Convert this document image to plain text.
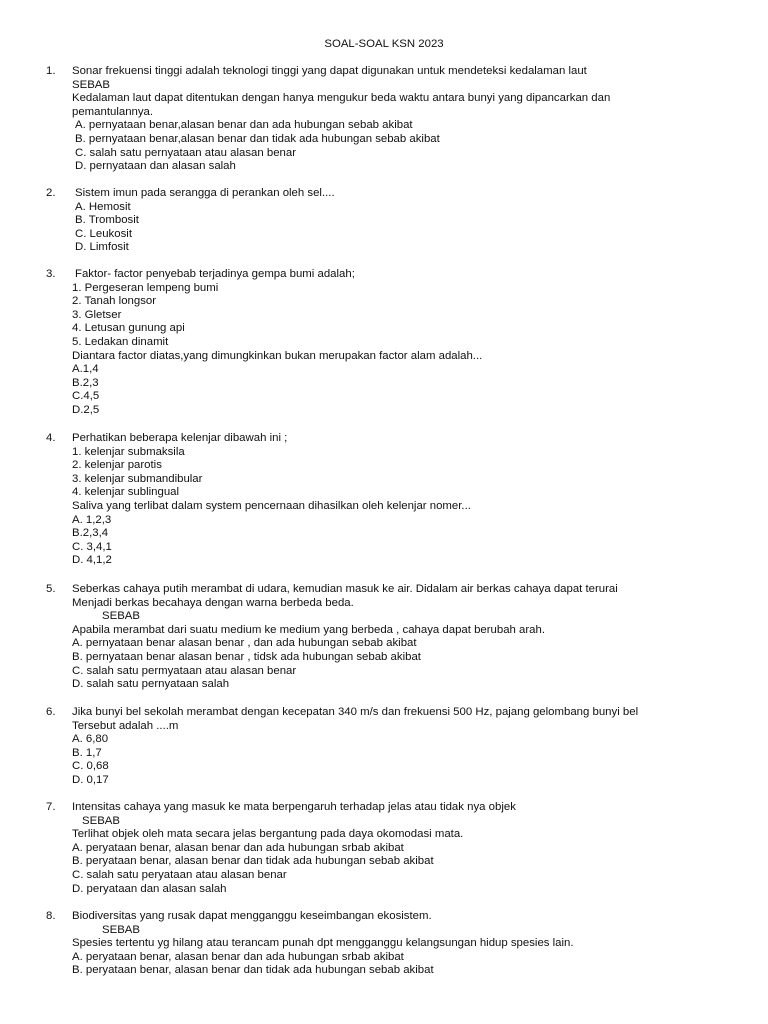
SOAL-SOAL KSN 2023
1. Sonar frekuensi tinggi adalah teknologi tinggi yang dapat digunakan untuk mendeteksi kedalaman laut
SEBAB
Kedalaman laut dapat ditentukan dengan hanya mengukur beda waktu antara bunyi yang dipancarkan dan
pemantulannya.
A. pernyataan benar,alasan benar dan ada hubungan sebab akibat
B. pernyataan benar,alasan benar dan tidak ada hubungan sebab akibat
C. salah satu pernyataan atau alasan benar
D. pernyataan dan alasan salah
2. Sistem imun pada serangga di perankan oleh sel....
A. Hemosit
B. Trombosit
C. Leukosit
D. Limfosit
3. Faktor- factor penyebab terjadinya gempa bumi adalah;
1. Pergeseran lempeng bumi
2. Tanah longsor
3. Gletser
4. Letusan gunung api
5. Ledakan dinamit
Diantara factor diatas,yang dimungkinkan bukan merupakan factor alam adalah...
A.1,4
B.2,3
C.4,5
D.2,5
4. Perhatikan beberapa kelenjar dibawah ini ;
1. kelenjar submaksila
2. kelenjar parotis
3. kelenjar submandibular
4. kelenjar sublingual
Saliva yang terlibat dalam system pencernaan dihasilkan oleh kelenjar nomer...
A. 1,2,3
B.2,3,4
C. 3,4,1
D. 4,1,2
5. Seberkas cahaya putih merambat di udara, kemudian masuk ke air. Didalam air berkas cahaya dapat terurai
Menjadi berkas becahaya dengan warna berbeda beda.
SEBAB
Apabila merambat dari suatu medium ke medium yang berbeda , cahaya dapat berubah arah.
A. pernyataan benar alasan benar , dan ada hubungan sebab akibat
B. pernyataan benar alasan benar , tidsk ada hubungan sebab akibat
C. salah satu permyataan atau alasan benar
D. salah satu pernyataan salah
6. Jika bunyi bel sekolah merambat dengan kecepatan 340 m/s dan frekuensi 500 Hz, pajang gelombang bunyi bel
Tersebut adalah ....m
A. 6,80
B. 1,7
C. 0,68
D. 0,17
7. Intensitas cahaya yang masuk ke mata berpengaruh terhadap jelas atau tidak nya objek
SEBAB
Terlihat objek oleh mata secara jelas bergantung pada daya okomodasi mata.
A. peryataan benar, alasan benar dan ada hubungan srbab akibat
B. peryataan benar, alasan benar dan tidak ada hubungan sebab akibat
C. salah satu peryataan atau alasan benar
D. peryataan dan alasan salah
8. Biodiversitas yang rusak dapat mengganggu keseimbangan ekosistem.
SEBAB
Spesies tertentu yg hilang atau terancam punah dpt mengganggu kelangsungan hidup spesies lain.
A. peryataan benar, alasan benar dan ada hubungan srbab akibat
B. peryataan benar, alasan benar dan tidak ada hubungan sebab akibat
